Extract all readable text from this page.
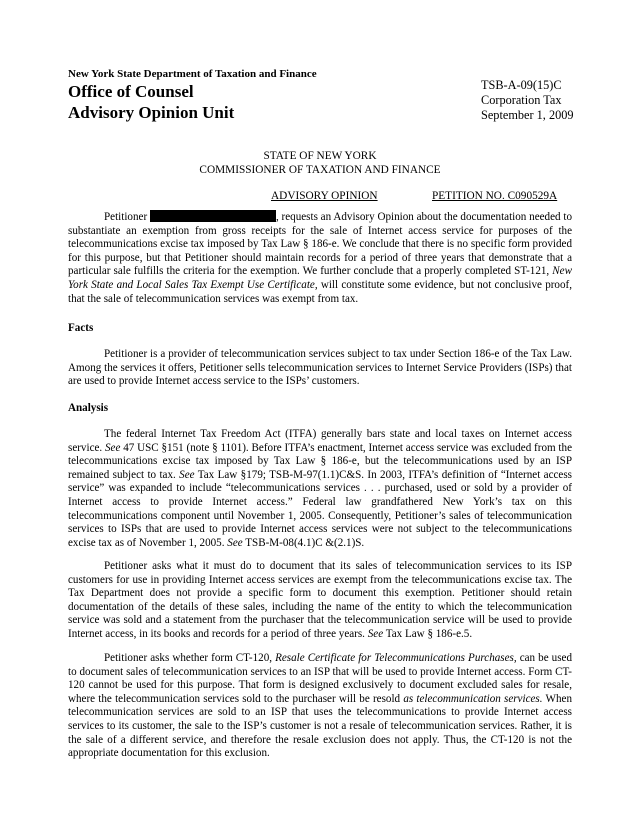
New York State Department of Taxation and Finance
Office of Counsel
Advisory Opinion Unit
TSB-A-09(15)C
Corporation Tax
September 1, 2009
STATE OF NEW YORK
COMMISSIONER OF TAXATION AND FINANCE
ADVISORY OPINION	PETITION NO. C090529A

Petitioner	, requests an Advisory Opinion about the documentation needed to substantiate an exemption from gross receipts for the sale of Internet access service for purposes of the telecommunications excise tax imposed by Tax Law § 186-e. We conclude that there is no specific form provided for this purpose, but that Petitioner should maintain records for a period of three years that demonstrate that a particular sale fulfills the criteria for the exemption. We further conclude that a properly completed ST-121, New York State and Local Sales Tax Exempt Use Certificate, will constitute some evidence, but not conclusive proof, that the sale of telecommunication services was exempt from tax.

Facts

Petitioner is a provider of telecommunication services subject to tax under Section 186-e of the Tax Law. Among the services it offers, Petitioner sells telecommunication services to Internet Service Providers (ISPs) that are used to provide Internet access service to the ISPs’ customers.

Analysis

The federal Internet Tax Freedom Act (ITFA) generally bars state and local taxes on Internet access service. See 47 USC §151 (note § 1101). Before ITFA’s enactment, Internet access service was excluded from the telecommunications excise tax imposed by Tax Law § 186-e, but the telecommunications used by an ISP remained subject to tax. See Tax Law §179; TSB-M-97(1.1)C&S. In 2003, ITFA’s definition of “Internet access service” was expanded to include “telecommunications services . . . purchased, used or sold by a provider of Internet access to provide Internet access.” Federal law grandfathered New York’s tax on this telecommunications component until November 1, 2005. Consequently, Petitioner’s sales of telecommunication services to ISPs that are used to provide Internet access services were not subject to the telecommunications excise tax as of November 1, 2005. See TSB-M-08(4.1)C &(2.1)S.

Petitioner asks what it must do to document that its sales of telecommunication services to its ISP customers for use in providing Internet access services are exempt from the telecommunications excise tax. The Tax Department does not provide a specific form to document this exemption. Petitioner should retain documentation of the details of these sales, including the name of the entity to which the telecommunication service was sold and a statement from the purchaser that the telecommunication service will be used to provide Internet access, in its books and records for a period of three years. See Tax Law § 186-e.5.

Petitioner asks whether form CT-120, Resale Certificate for Telecommunications Purchases, can be used to document sales of telecommunication services to an ISP that will be used to provide Internet access. Form CT-120 cannot be used for this purpose. That form is designed exclusively to document excluded sales for resale, where the telecommunication services sold to the purchaser will be resold as telecommunication services. When telecommunication services are sold to an ISP that uses the telecommunications to provide Internet access services to its customer, the sale to the ISP’s customer is not a resale of telecommunication services. Rather, it is the sale of a different service, and therefore the resale exclusion does not apply. Thus, the CT-120 is not the appropriate documentation for this exclusion.
